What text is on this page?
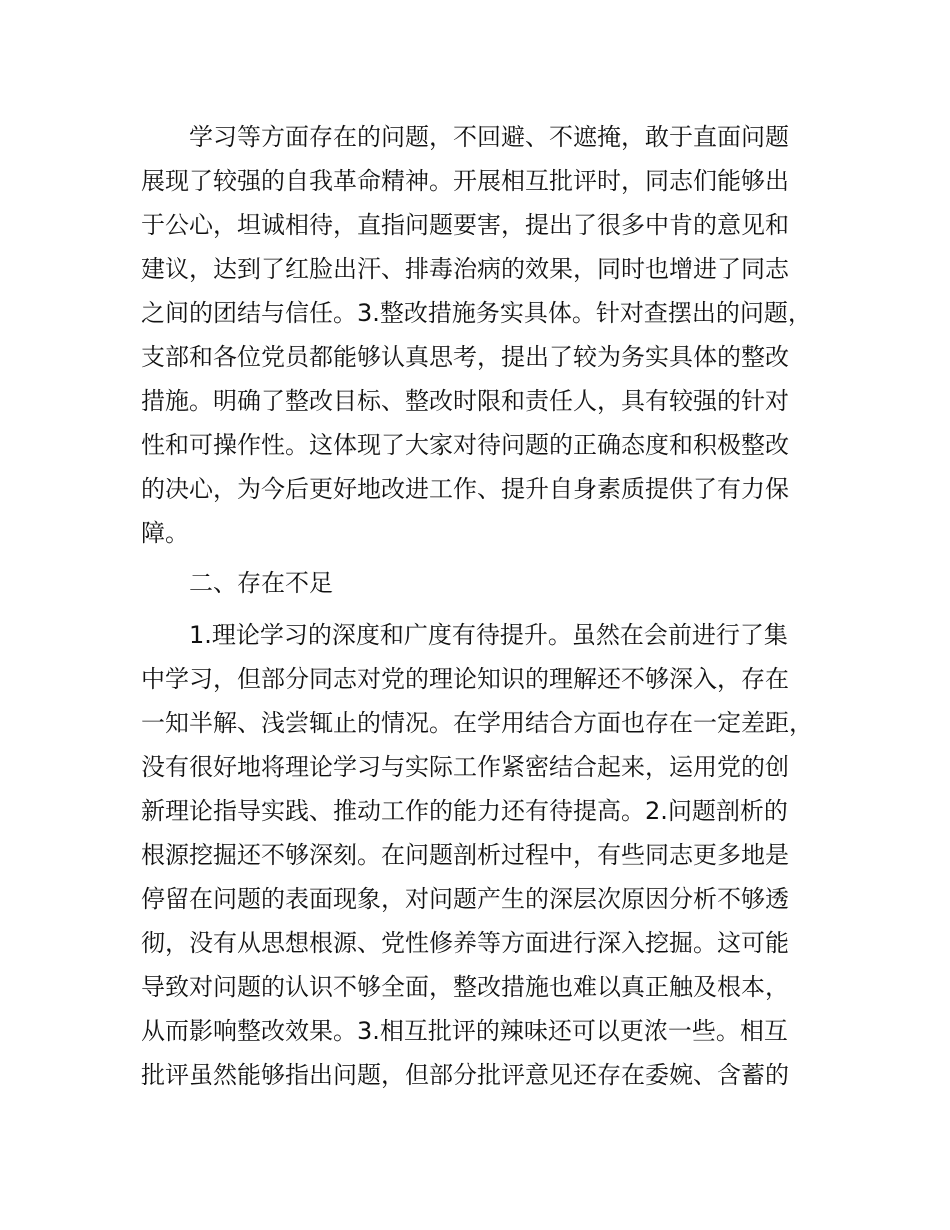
学习等方面存在的问题，不回避、不遮掩，敢于直面问题
展现了较强的自我革命精神。开展相互批评时，同志们能够出
于公心，坦诚相待，直指问题要害，提出了很多中肯的意见和
建议，达到了红脸出汗、排毒治病的效果，同时也增进了同志
之间的团结与信任。3.整改措施务实具体。针对查摆出的问题，
支部和各位党员都能够认真思考，提出了较为务实具体的整改
措施。明确了整改目标、整改时限和责任人，具有较强的针对
性和可操作性。这体现了大家对待问题的正确态度和积极整改
的决心，为今后更好地改进工作、提升自身素质提供了有力保
障。
二、存在不足
1.理论学习的深度和广度有待提升。虽然在会前进行了集
中学习，但部分同志对党的理论知识的理解还不够深入，存在
一知半解、浅尝辄止的情况。在学用结合方面也存在一定差距，
没有很好地将理论学习与实际工作紧密结合起来，运用党的创
新理论指导实践、推动工作的能力还有待提高。2.问题剖析的
根源挖掘还不够深刻。在问题剖析过程中，有些同志更多地是
停留在问题的表面现象，对问题产生的深层次原因分析不够透
彻，没有从思想根源、党性修养等方面进行深入挖掘。这可能
导致对问题的认识不够全面，整改措施也难以真正触及根本，
从而影响整改效果。3.相互批评的辣味还可以更浓一些。相互
批评虽然能够指出问题，但部分批评意见还存在委婉、含蓄的
